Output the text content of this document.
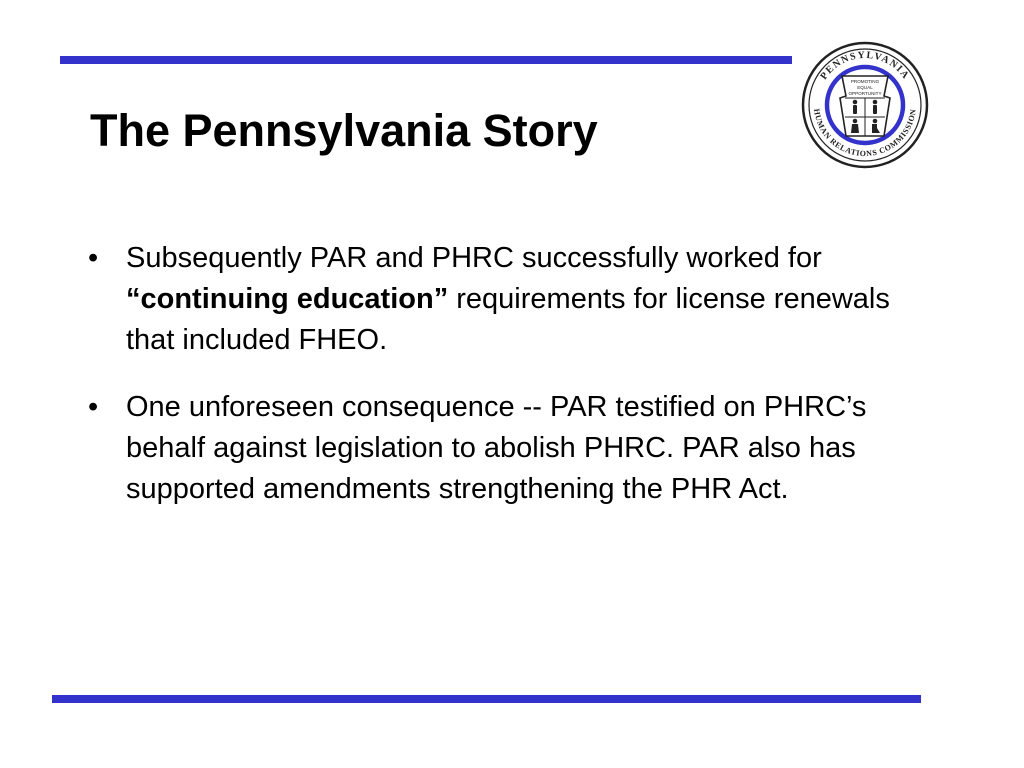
The Pennsylvania Story
PENNSYLVANIA
HUMAN RELATIONS COMMISSION
PROMOTING
EQUAL
OPPORTUNITY
• Subsequently PAR and PHRC successfully worked for “continuing education” requirements for license renewals that included FHEO.
• One unforeseen consequence -- PAR testified on PHRC’s behalf against legislation to abolish PHRC. PAR also has supported amendments strengthening the PHR Act.
